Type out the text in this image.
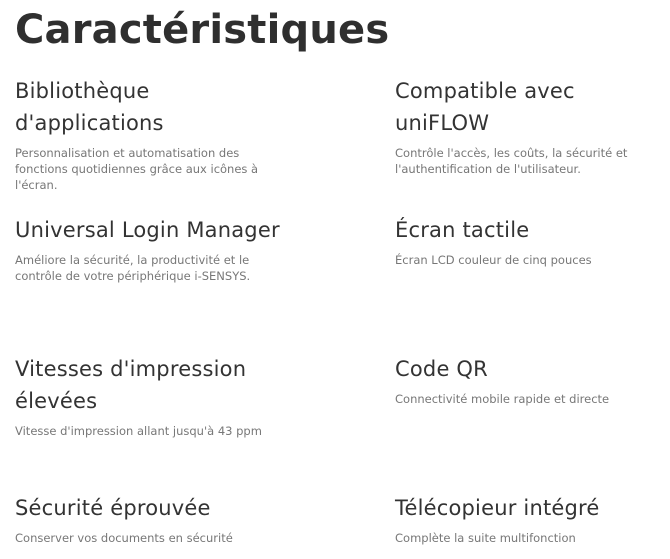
Caractéristiques
Bibliothèque d'applications

Personnalisation et automatisation des fonctions quotidiennes grâce aux icônes à l'écran.

Compatible avec uniFLOW

Contrôle l'accès, les coûts, la sécurité et l'authentification de l'utilisateur.

Universal Login Manager

Améliore la sécurité, la productivité et le contrôle de votre périphérique i-SENSYS.

Écran tactile

Écran LCD couleur de cinq pouces

Vitesses d'impression élevées

Vitesse d'impression allant jusqu'à 43 ppm

Code QR

Connectivité mobile rapide et directe

Sécurité éprouvée

Conserver vos documents en sécurité

Télécopieur intégré

Complète la suite multifonction
